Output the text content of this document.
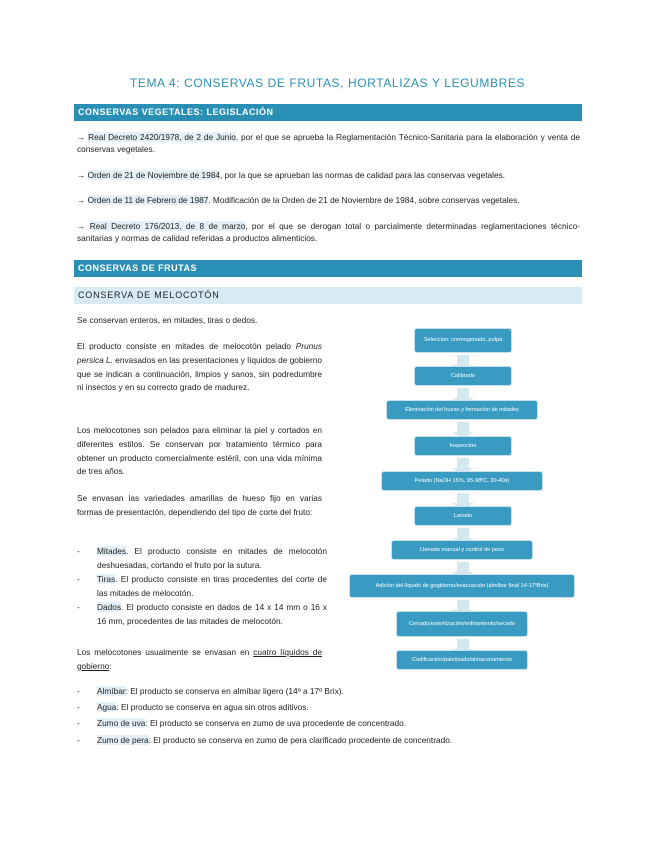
TEMA 4: CONSERVAS DE FRUTAS, HORTALIZAS Y LEGUMBRES
CONSERVAS VEGETALES: LEGISLACIÓN

→ Real Decreto 2420/1978, de 2 de Junio, por el que se aprueba la Reglamentación Técnico-Sanitaria para la elaboración y venta de conservas vegetales.

→ Orden de 21 de Noviembre de 1984, por la que se aprueban las normas de calidad para las conservas vegetales.

→ Orden de 11 de Febrero de 1987. Modificación de la Orden de 21 de Noviembre de 1984, sobre conservas vegetales.

→ Real Decreto 176/2013, de 8 de marzo, por el que se derogan total o parcialmente determinadas reglamentaciones técnico- sanitarias y normas de calidad referidas a productos alimenticios.

CONSERVAS DE FRUTAS
CONSERVA DE MELOCOTÓN

Se conservan enteros, en mitades, tiras o dedos.

El producto consiste en mitades de melocotón pelado Prunus persica L. envasados en las presentaciones y líquidos de gobierno que se indican a continuación, limpios y sanos, sin podredumbre ni insectos y en su correcto grado de madurez.

Los melocotones son pelados para eliminar la piel y cortados en diferentes estilos. Se conservan por tratamiento térmico para obtener un producto comercialmente estéril, con una vida mínima de tres años.

Se envasan las variedades amarillas de hueso fijo en varias formas de presentación, dependiendo del tipo de corte del fruto:

- Mitades. El producto consiste en mitades de melocotón deshuesadas, cortando el fruto por la sutura.
- Tiras. El producto consiste en tiras procedentes del corte de las mitades de melocotón.
- Dados. El producto consiste en dados de 14 x 14 mm o 16 x 16 mm, procedentes de las mitades de melocotón.

Los melocotones usualmente se envasan en cuatro líquidos de gobierno:

- Almíbar: El producto se conserva en almíbar ligero (14º a 17º Brix).
- Agua: El producto se conserva en agua sin otros aditivos.
- Zumo de uva: El producto se conserva en zumo de uva procedente de concentrado.
- Zumo de pera: El producto se conserva en zumo de pera clarificado procedente de concentrado.
Seleccion: cremogenado, pulpa
Calibrado
Eliminación del hueso y formación de mitades
Inspección
Pelado (NaOH 15%, 95-98ºC, 30-40s)
Lavado
Llenado manual y control de peso
Adición del líquido de gogbierno/evacuación (almíbar final 14-17ºBrix)
Cerrado/esterilización/enfriamiento/secado
Codificación/paletizado/almacenamiento
